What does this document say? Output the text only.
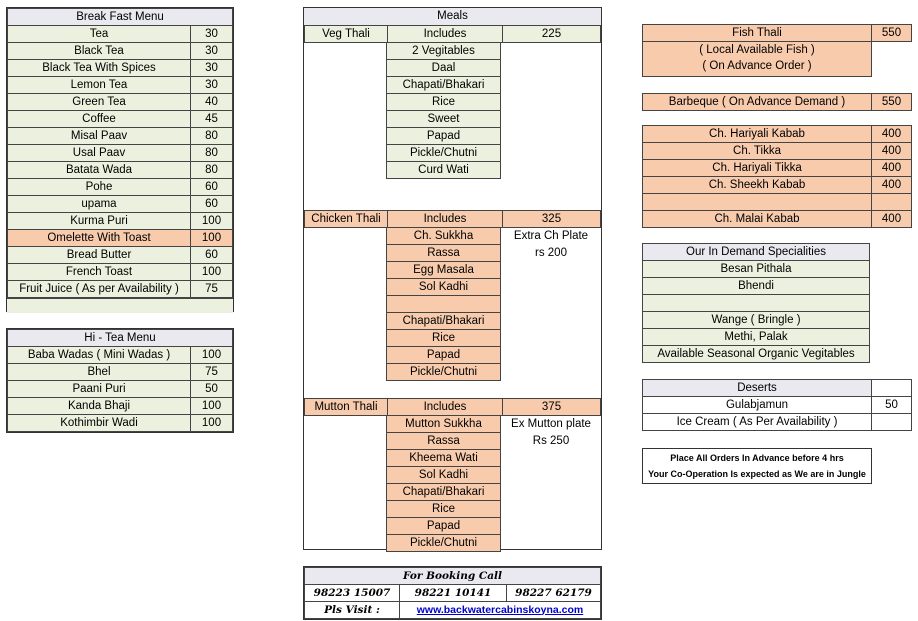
Break Fast Menu	
Tea	30
Black Tea	30
Black Tea With Spices	30
Lemon Tea	30
Green Tea	40
Coffee	45
Misal Paav	80
Usal Paav	80
Batata Wada	80
Pohe	60
upama	60
Kurma Puri	100
Omelette With Toast	100
Bread Butter	60
French Toast	100
Fruit Juice ( As per Availability )	75
Hi - Tea Menu	
Baba Wadas ( Mini Wadas )	100
Bhel	75
Paani Puri	50
Kanda Bhaji	100
Kothimbir Wadi	100
Meals
Veg Thali	Includes	225
2 Vegitables
Daal
Chapati/Bhakari
Rice
Sweet
Papad
Pickle/Chutni
Curd Wati
Chicken Thali	Includes	325
Ch. Sukkha
Rassa
Egg Masala
Sol Kadhi

Chapati/Bhakari
Rice
Papad
Pickle/Chutni
Extra Ch Plate
rs 200
Mutton Thali	Includes	375
Mutton Sukkha
Rassa
Kheema Wati
Sol Kadhi
Chapati/Bhakari
Rice
Papad
Pickle/Chutni
Ex Mutton plate
Rs 250
For Booking Call		
98223 15007	98221 10141	98227 62179
Pls Visit :	www.backwatercabinskoyna.com	
Fish Thali	550
( Local Available Fish )
( On Advance Order )
Barbeque ( On Advance Demand )	550
Ch. Hariyali Kabab	400
Ch. Tikka	400
Ch. Hariyali Tikka	400
Ch. Sheekh Kabab	400

Ch. Malai Kabab	400
Our In Demand Specialities
Besan Pithala
Bhendi

Wange ( Bringle )
Methi, Palak
Available Seasonal Organic Vegitables
Deserts	
Gulabjamun	50
Ice Cream ( As Per Availability )	
Place All Orders In Advance before 4 hrs
Your Co-Operation Is expected as We are in Jungle
